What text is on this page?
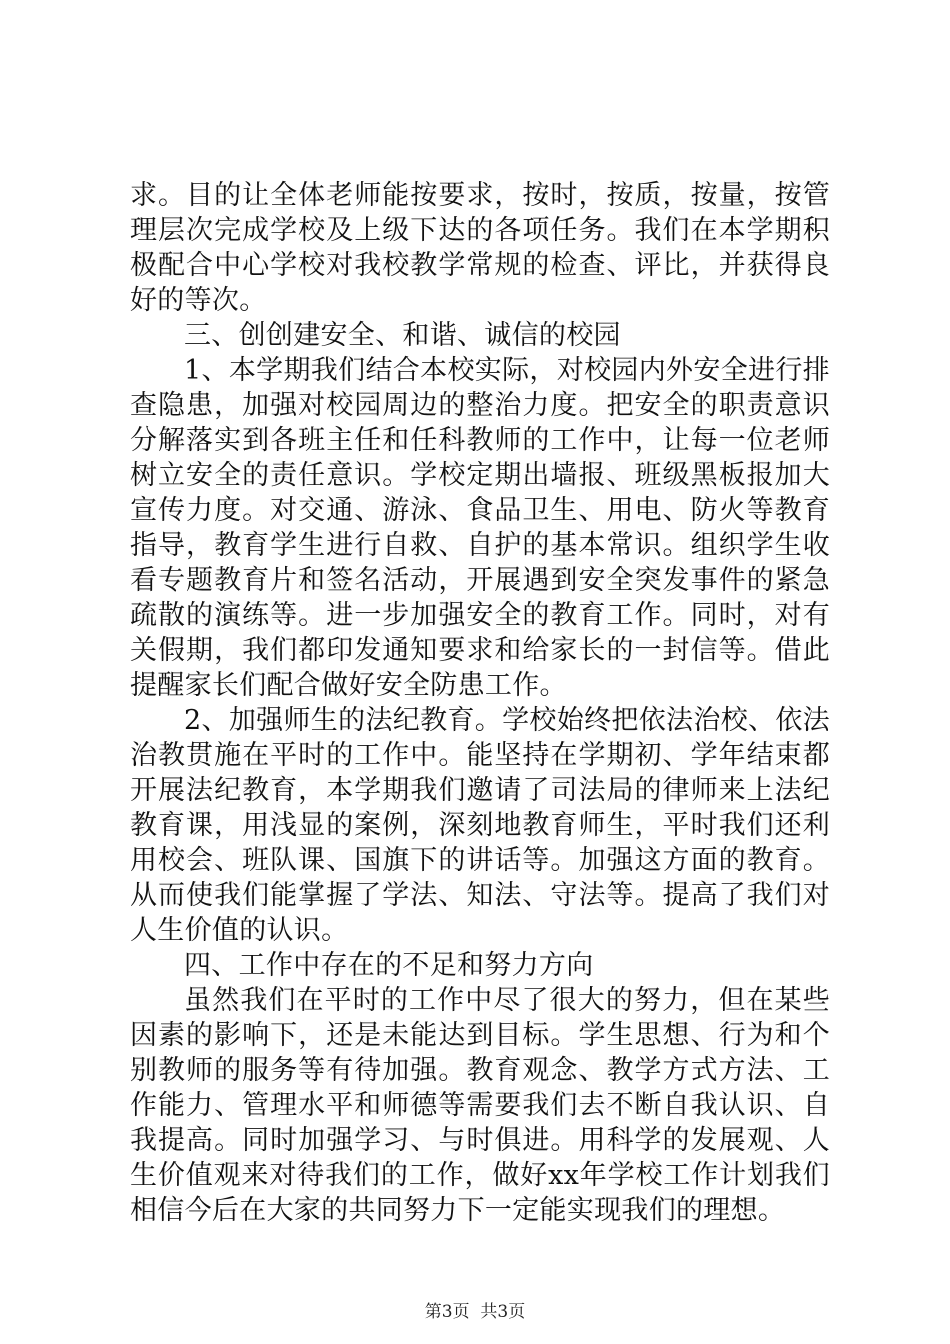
求。目的让全体老师能按要求，按时，按质，按量，按管理层次完成学校及上级下达的各项任务。我们在本学期积极配合中心学校对我校教学常规的检查、评比，并获得良好的等次。

三、创创建安全、和谐、诚信的校园

1、本学期我们结合本校实际，对校园内外安全进行排查隐患，加强对校园周边的整治力度。把安全的职责意识分解落实到各班主任和任科教师的工作中，让每一位老师树立安全的责任意识。学校定期出墙报、班级黑板报加大宣传力度。对交通、游泳、食品卫生、用电、防火等教育指导，教育学生进行自救、自护的基本常识。组织学生收看专题教育片和签名活动，开展遇到安全突发事件的紧急疏散的演练等。进一步加强安全的教育工作。同时，对有关假期，我们都印发通知要求和给家长的一封信等。借此提醒家长们配合做好安全防患工作。

2、加强师生的法纪教育。学校始终把依法治校、依法治教贯施在平时的工作中。能坚持在学期初、学年结束都开展法纪教育，本学期我们邀请了司法局的律师来上法纪教育课，用浅显的案例，深刻地教育师生，平时我们还利用校会、班队课、国旗下的讲话等。加强这方面的教育。从而使我们能掌握了学法、知法、守法等。提高了我们对人生价值的认识。

四、工作中存在的不足和努力方向

虽然我们在平时的工作中尽了很大的努力，但在某些因素的影响下，还是未能达到目标。学生思想、行为和个别教师的服务等有待加强。教育观念、教学方式方法、工作能力、管理水平和师德等需要我们去不断自我认识、自我提高。同时加强学习、与时俱进。用科学的发展观、人生价值观来对待我们的工作，做好xx年学校工作计划我们相信今后在大家的共同努力下一定能实现我们的理想。

第3页  共3页
